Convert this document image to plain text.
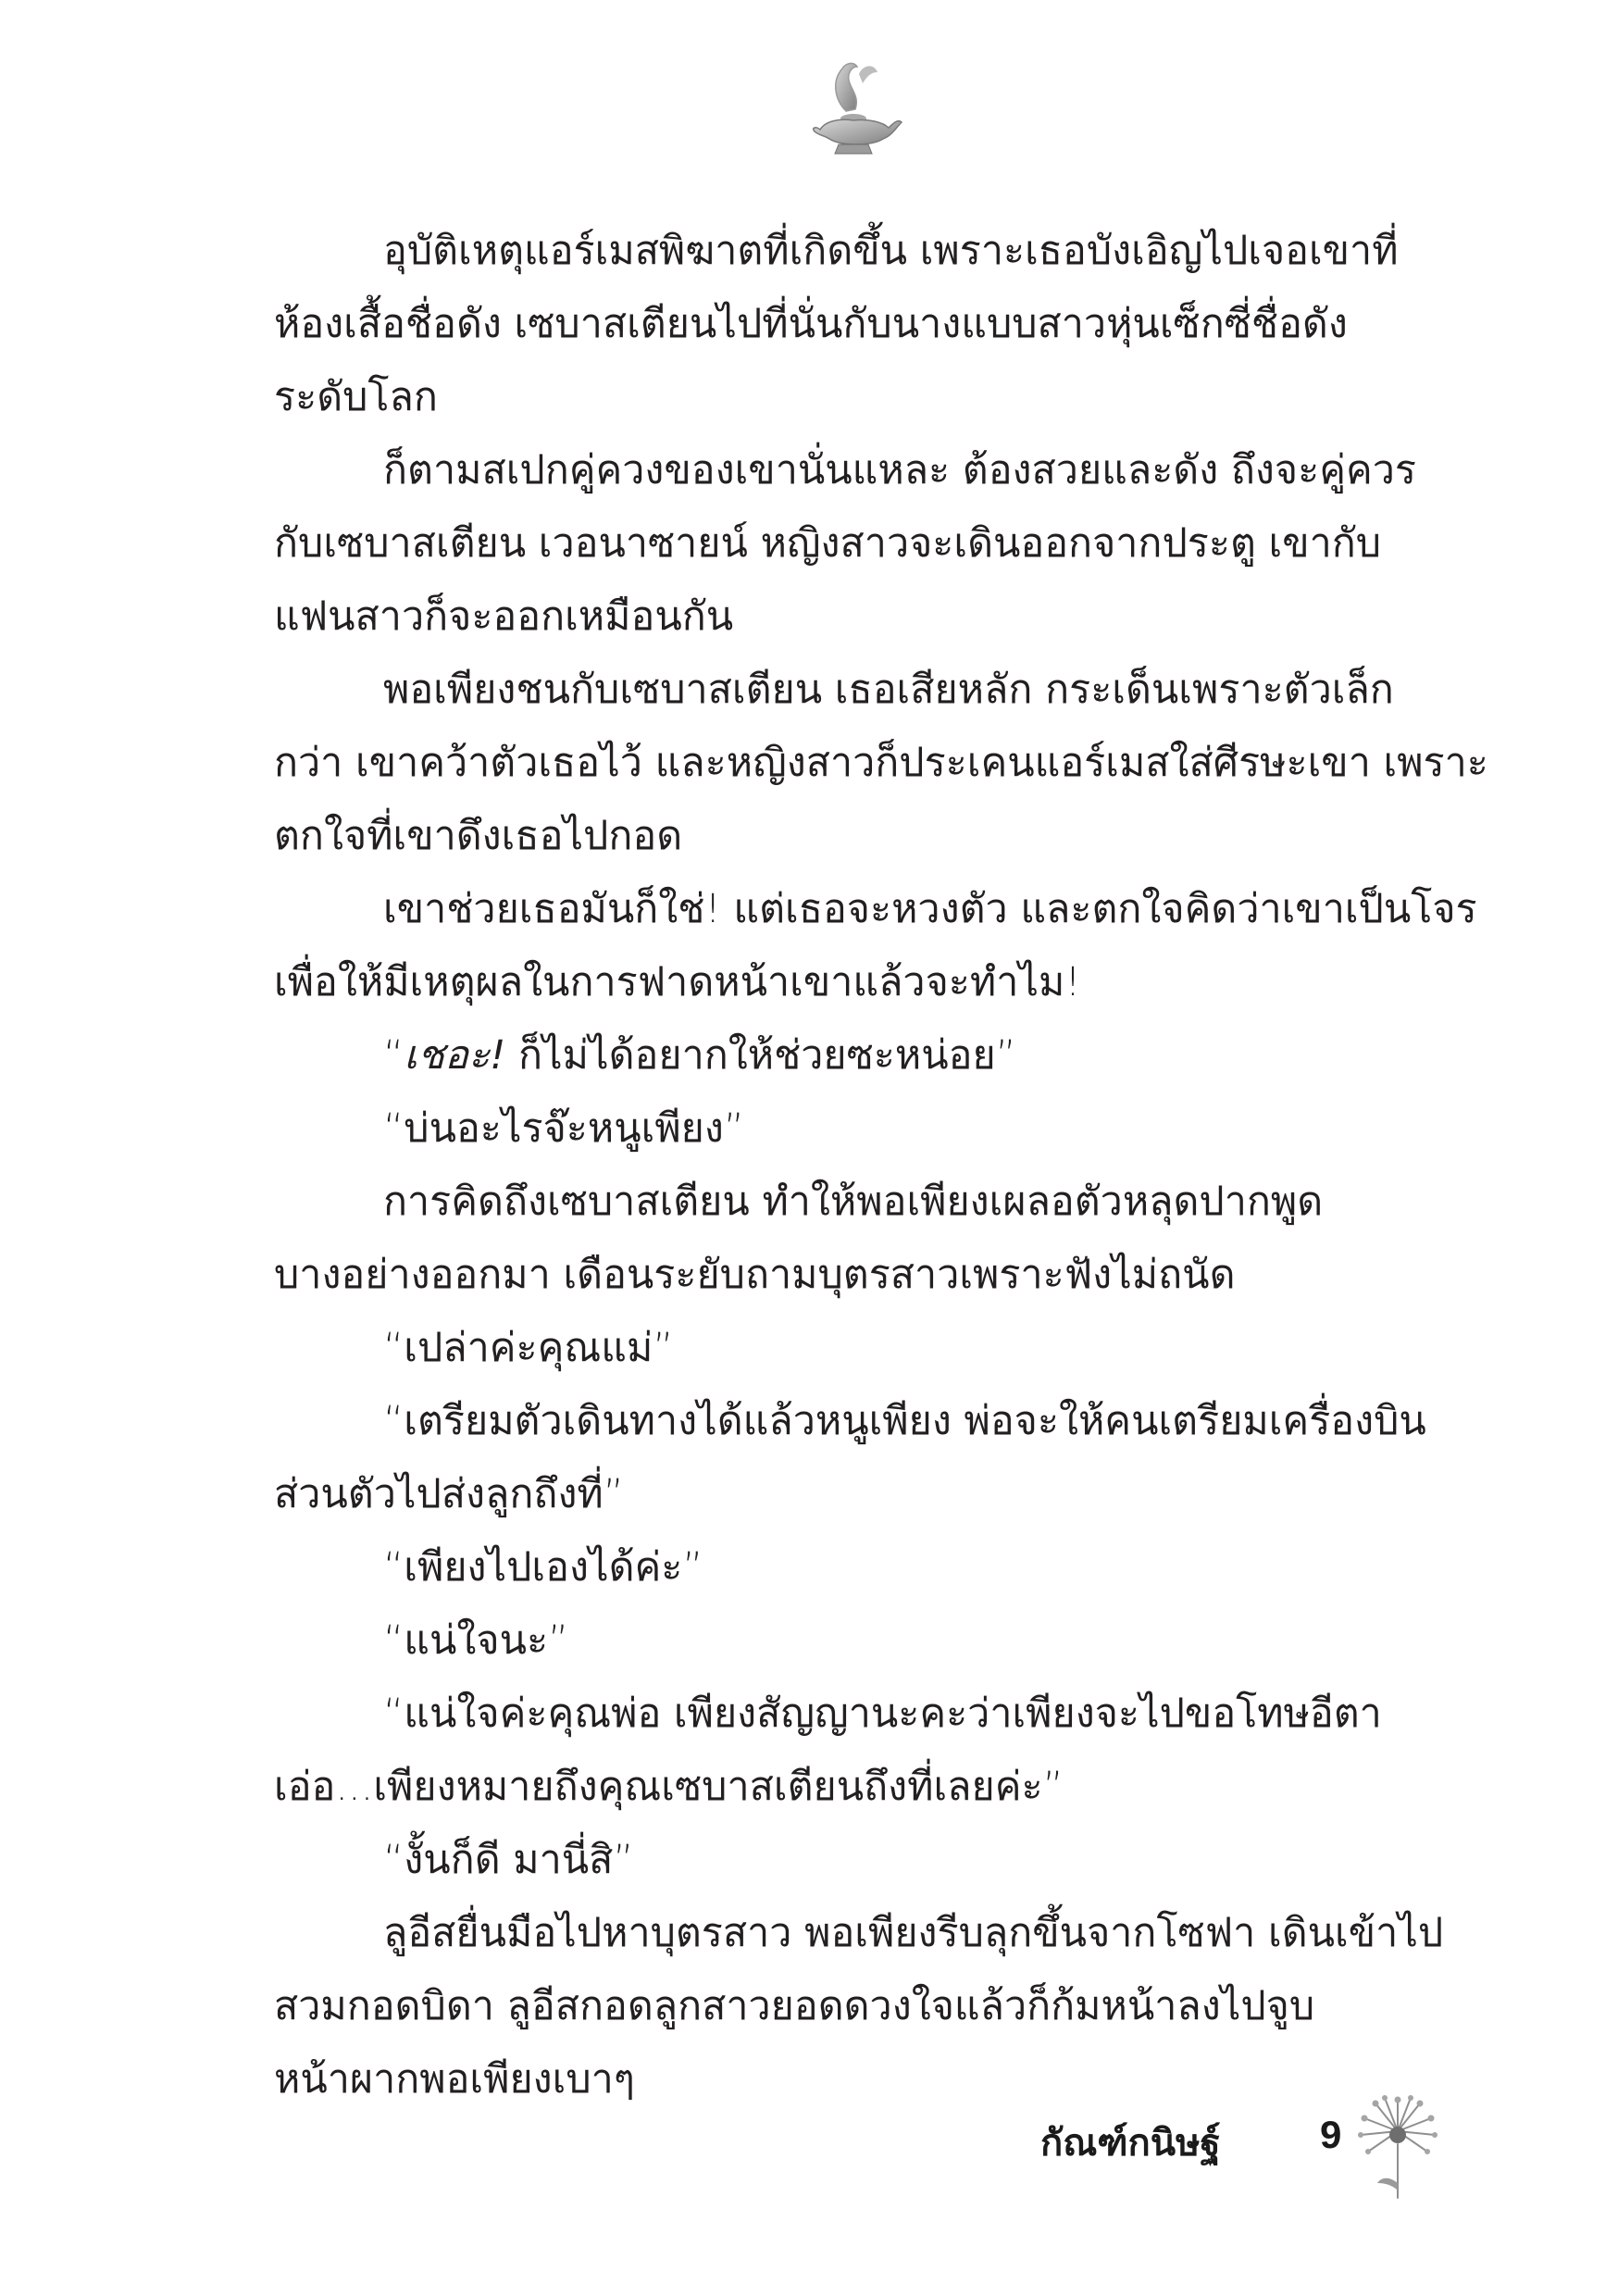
อุบัติเหตุแอร์เมสพิฆาตที่เกิดขึ้น เพราะเธอบังเอิญไปเจอเขาที่
ห้องเสื้อชื่อดัง เซบาสเตียนไปที่นั่นกับนางแบบสาวหุ่นเซ็กซี่ชื่อดัง
ระดับโลก

ก็ตามสเปกคู่ควงของเขานั่นแหละ ต้องสวยและดัง ถึงจะคู่ควร
กับเซบาสเตียน เวอนาซายน์ หญิงสาวจะเดินออกจากประตู เขากับ
แฟนสาวก็จะออกเหมือนกัน

พอเพียงชนกับเซบาสเตียน เธอเสียหลัก กระเด็นเพราะตัวเล็ก
กว่า เขาคว้าตัวเธอไว้ และหญิงสาวก็ประเคนแอร์เมสใส่ศีรษะเขา เพราะ
ตกใจที่เขาดึงเธอไปกอด

เขาช่วยเธอมันก็ใช่! แต่เธอจะหวงตัว และตกใจคิดว่าเขาเป็นโจร
เพื่อให้มีเหตุผลในการฟาดหน้าเขาแล้วจะทำไม!

“เชอะ! ก็ไม่ได้อยากให้ช่วยซะหน่อย”

“บ่นอะไรจ๊ะหนูเพียง”

การคิดถึงเซบาสเตียน ทำให้พอเพียงเผลอตัวหลุดปากพูด
บางอย่างออกมา เดือนระยับถามบุตรสาวเพราะฟังไม่ถนัด

“เปล่าค่ะคุณแม่”

“เตรียมตัวเดินทางได้แล้วหนูเพียง พ่อจะให้คนเตรียมเครื่องบิน
ส่วนตัวไปส่งลูกถึงที่”

“เพียงไปเองได้ค่ะ”

“แน่ใจนะ”

“แน่ใจค่ะคุณพ่อ เพียงสัญญานะคะว่าเพียงจะไปขอโทษอีตา
เอ่อ...เพียงหมายถึงคุณเซบาสเตียนถึงที่เลยค่ะ”

“งั้นก็ดี มานี่สิ”

ลูอีสยื่นมือไปหาบุตรสาว พอเพียงรีบลุกขึ้นจากโซฟา เดินเข้าไป
สวมกอดบิดา ลูอีสกอดลูกสาวยอดดวงใจแล้วก็ก้มหน้าลงไปจูบ
หน้าผากพอเพียงเบาๆ

กัณฑ์กนิษฐ์	9
